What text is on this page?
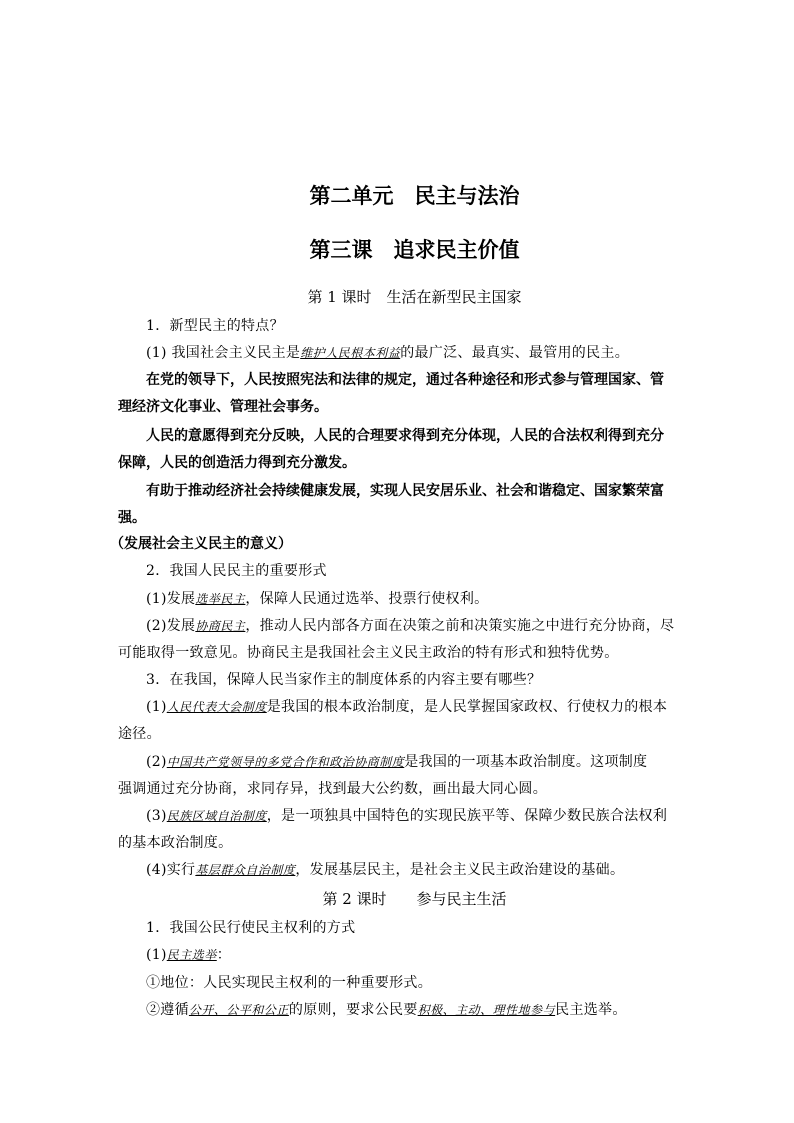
第二单元　民主与法治
第三课　追求民主价值
第 1 课时　生活在新型民主国家
1．新型民主的特点？
(1) 我国社会主义民主是维护人民根本利益的最广泛、最真实、最管用的民主。
在党的领导下，人民按照宪法和法律的规定，通过各种途径和形式参与管理国家、管
理经济文化事业、管理社会事务。
人民的意愿得到充分反映，人民的合理要求得到充分体现，人民的合法权利得到充分
保障，人民的创造活力得到充分激发。
有助于推动经济社会持续健康发展，实现人民安居乐业、社会和谐稳定、国家繁荣富
强。
（发展社会主义民主的意义）
2．我国人民民主的重要形式
(1)发展选举民主，保障人民通过选举、投票行使权利。
(2)发展协商民主，推动人民内部各方面在决策之前和决策实施之中进行充分协商，尽
可能取得一致意见。协商民主是我国社会主义民主政治的特有形式和独特优势。
3．在我国，保障人民当家作主的制度体系的内容主要有哪些？
(1)人民代表大会制度是我国的根本政治制度，是人民掌握国家政权、行使权力的根本
途径。
(2)中国共产党领导的多党合作和政治协商制度是我国的一项基本政治制度。这项制度
强调通过充分协商，求同存异，找到最大公约数，画出最大同心圆。
(3)民族区域自治制度，是一项独具中国特色的实现民族平等、保障少数民族合法权利
的基本政治制度。
(4)实行基层群众自治制度，发展基层民主，是社会主义民主政治建设的基础。
第 2 课时　　参与民主生活
1．我国公民行使民主权利的方式
(1)民主选举：
①地位：人民实现民主权利的一种重要形式。
②遵循公开、公平和公正的原则，要求公民要积极、主动、理性地参与民主选举。
